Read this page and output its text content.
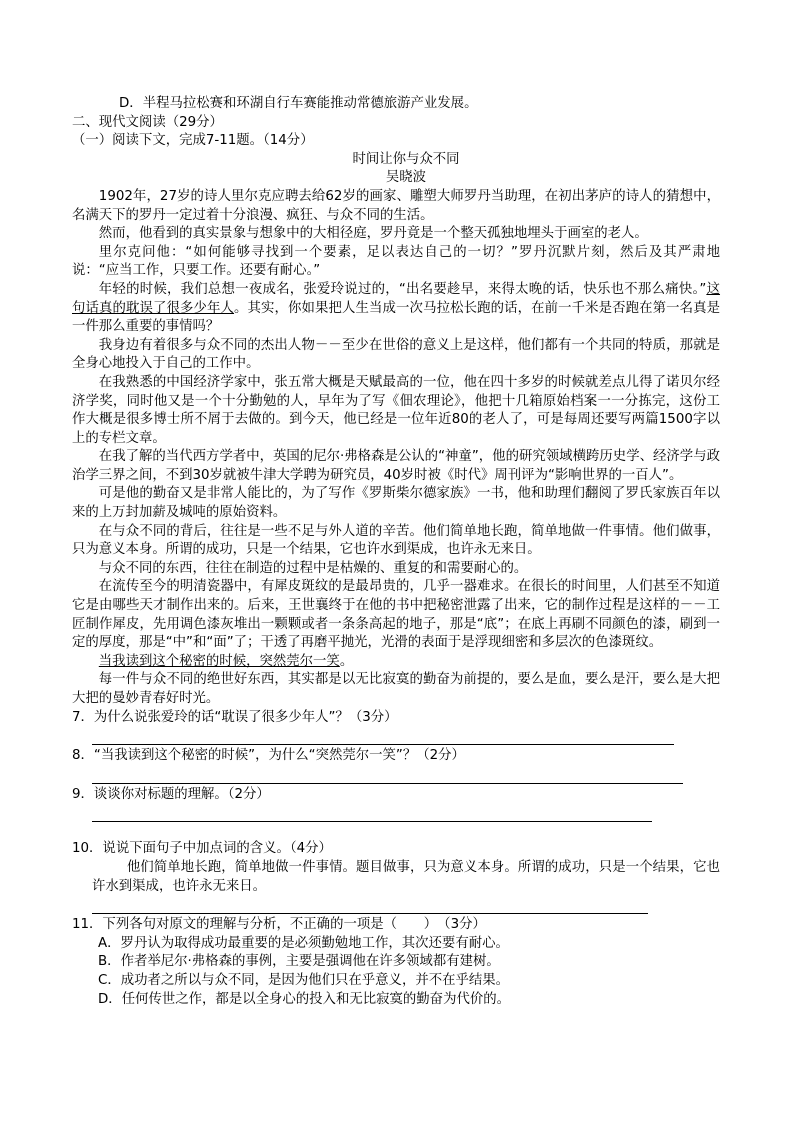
D．半程马拉松赛和环湖自行车赛能推动常德旅游产业发展。
二、现代文阅读（29分）
（一）阅读下文，完成7-11题。（14分）
时间让你与众不同
吴晓波

1902年，27岁的诗人里尔克应聘去给62岁的画家、雕塑大师罗丹当助理，在初出茅庐的诗人的猜想中，名满天下的罗丹一定过着十分浪漫、疯狂、与众不同的生活。

然而，他看到的真实景象与想象中的大相径庭，罗丹竟是一个整天孤独地埋头于画室的老人。

里尔克问他：“如何能够寻找到一个要素，足以表达自己的一切？”罗丹沉默片刻，然后及其严肃地说：“应当工作，只要工作。还要有耐心。”

年轻的时候，我们总想一夜成名，张爱玲说过的，“出名要趁早，来得太晚的话，快乐也不那么痛快。”这句话真的耽误了很多少年人。其实，你如果把人生当成一次马拉松长跑的话，在前一千米是否跑在第一名真是一件那么重要的事情吗？

我身边有着很多与众不同的杰出人物－－至少在世俗的意义上是这样，他们都有一个共同的特质，那就是全身心地投入于自己的工作中。

在我熟悉的中国经济学家中，张五常大概是天赋最高的一位，他在四十多岁的时候就差点儿得了诺贝尔经济学奖，同时他又是一个十分勤勉的人，早年为了写《佃农理论》，他把十几箱原始档案一一分拣完，这份工作大概是很多博士所不屑于去做的。到今天，他已经是一位年近80的老人了，可是每周还要写两篇1500字以上的专栏文章。

在我了解的当代西方学者中，英国的尼尔·弗格森是公认的“神童”，他的研究领域横跨历史学、经济学与政治学三界之间，不到30岁就被牛津大学聘为研究员，40岁时被《时代》周刊评为“影响世界的一百人”。

可是他的勤奋又是非常人能比的，为了写作《罗斯柴尔德家族》一书，他和助理们翻阅了罗氏家族百年以来的上万封加薪及城吨的原始资料。

在与众不同的背后，往往是一些不足与外人道的辛苦。他们简单地长跑，简单地做一件事情。他们做事，只为意义本身。所谓的成功，只是一个结果，它也许水到渠成，也许永无来日。

与众不同的东西，往往在制造的过程中是枯燥的、重复的和需要耐心的。

在流传至今的明清瓷器中，有犀皮斑纹的是最昂贵的，几乎一器难求。在很长的时间里，人们甚至不知道它是由哪些天才制作出来的。后来，王世襄终于在他的书中把秘密泄露了出来，它的制作过程是这样的－－工匠制作犀皮，先用调色漆灰堆出一颗颗或者一条条高起的地子，那是“底”；在底上再刷不同颜色的漆，刷到一定的厚度，那是“中”和“面”了；干透了再磨平抛光，光滑的表面于是浮现细密和多层次的色漆斑纹。

当我读到这个秘密的时候，突然莞尔一笑。

每一件与众不同的绝世好东西，其实都是以无比寂寞的勤奋为前提的，要么是血，要么是汗，要么是大把大把的曼妙青春好时光。

7．为什么说张爱玲的话“耽误了很多少年人”？（3分）
8．“当我读到这个秘密的时候”，为什么“突然莞尔一笑”？（2分）
9．谈谈你对标题的理解。（2分）
10．说说下面句子中加点词的含义。（4分）

他们简单地长跑，简单地做一件事情。题目做事，只为意义本身。所谓的成功，只是一个结果，它也许水到渠成，也许永无来日。

11．下列各句对原文的理解与分析，不正确的一项是（　　）　（3分）
A．罗丹认为取得成功最重要的是必须勤勉地工作，其次还要有耐心。
B．作者举尼尔·弗格森的事例，主要是强调他在许多领域都有建树。
C．成功者之所以与众不同，是因为他们只在乎意义，并不在乎结果。
D．任何传世之作，都是以全身心的投入和无比寂寞的勤奋为代价的。
